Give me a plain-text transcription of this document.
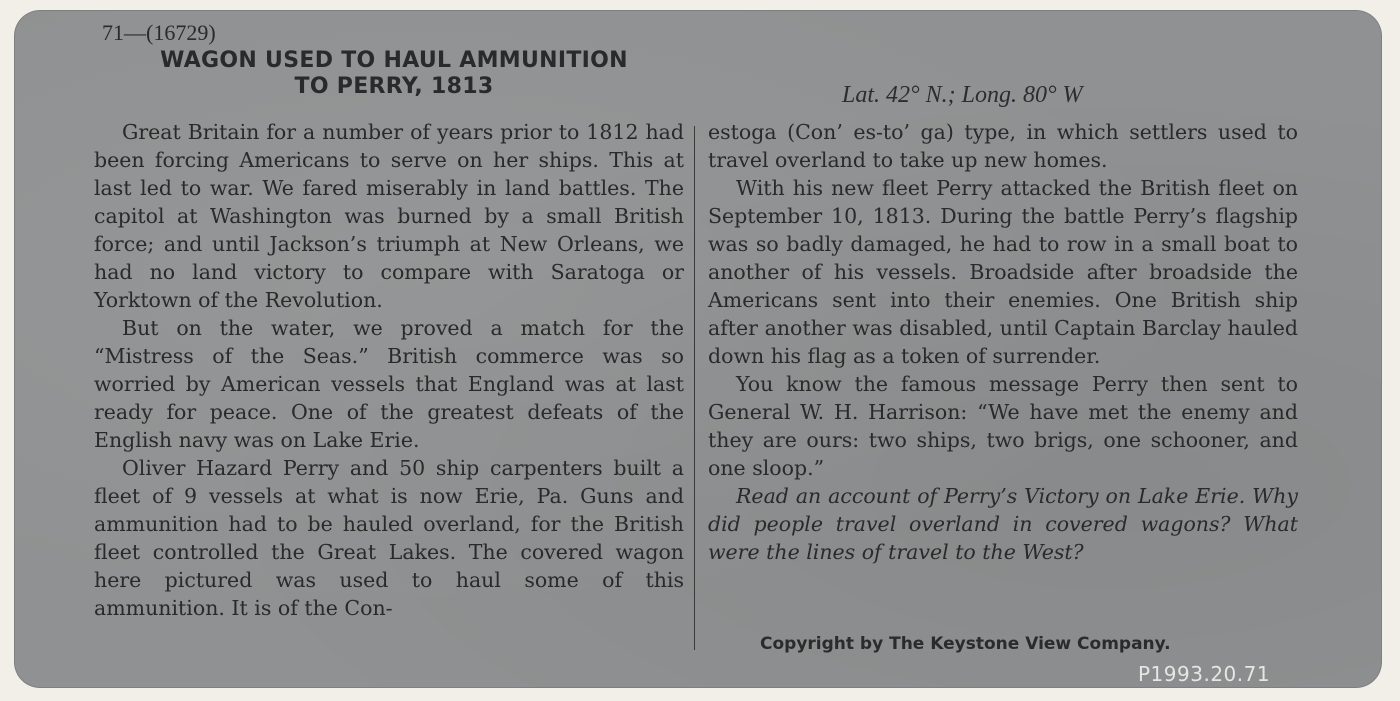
71—(16729)
WAGON USED TO HAUL AMMUNITION
TO PERRY, 1813	Lat. 42° N.; Long. 80° W

Great Britain for a number of years prior to 1812 had been forcing Americans to serve on her ships. This at last led to war. We fared miserably in land battles. The capitol at Washington was burned by a small British force; and until Jackson’s triumph at New Orleans, we had no land victory to compare with Saratoga or Yorktown of the Revolution.

But on the water, we proved a match for the “Mistress of the Seas.” British commerce was so worried by American vessels that England was at last ready for peace. One of the greatest defeats of the English navy was on Lake Erie.

Oliver Hazard Perry and 50 ship carpenters built a fleet of 9 vessels at what is now Erie, Pa. Guns and ammunition had to be hauled overland, for the British fleet controlled the Great Lakes. The covered wagon here pictured was used to haul some of this ammunition. It is of the Con-

estoga (Con’ es-to’ ga) type, in which settlers used to travel overland to take up new homes.

With his new fleet Perry attacked the British fleet on September 10, 1813. During the battle Perry’s flagship was so badly damaged, he had to row in a small boat to another of his vessels. Broadside after broadside the Americans sent into their enemies. One British ship after another was disabled, until Captain Barclay hauled down his flag as a token of surrender.

You know the famous message Perry then sent to General W. H. Harrison: “We have met the enemy and they are ours: two ships, two brigs, one schooner, and one sloop.”

Read an account of Perry’s Victory on Lake Erie. Why did people travel overland in covered wagons? What were the lines of travel to the West?

Copyright by The Keystone View Company.
P1993.20.71
